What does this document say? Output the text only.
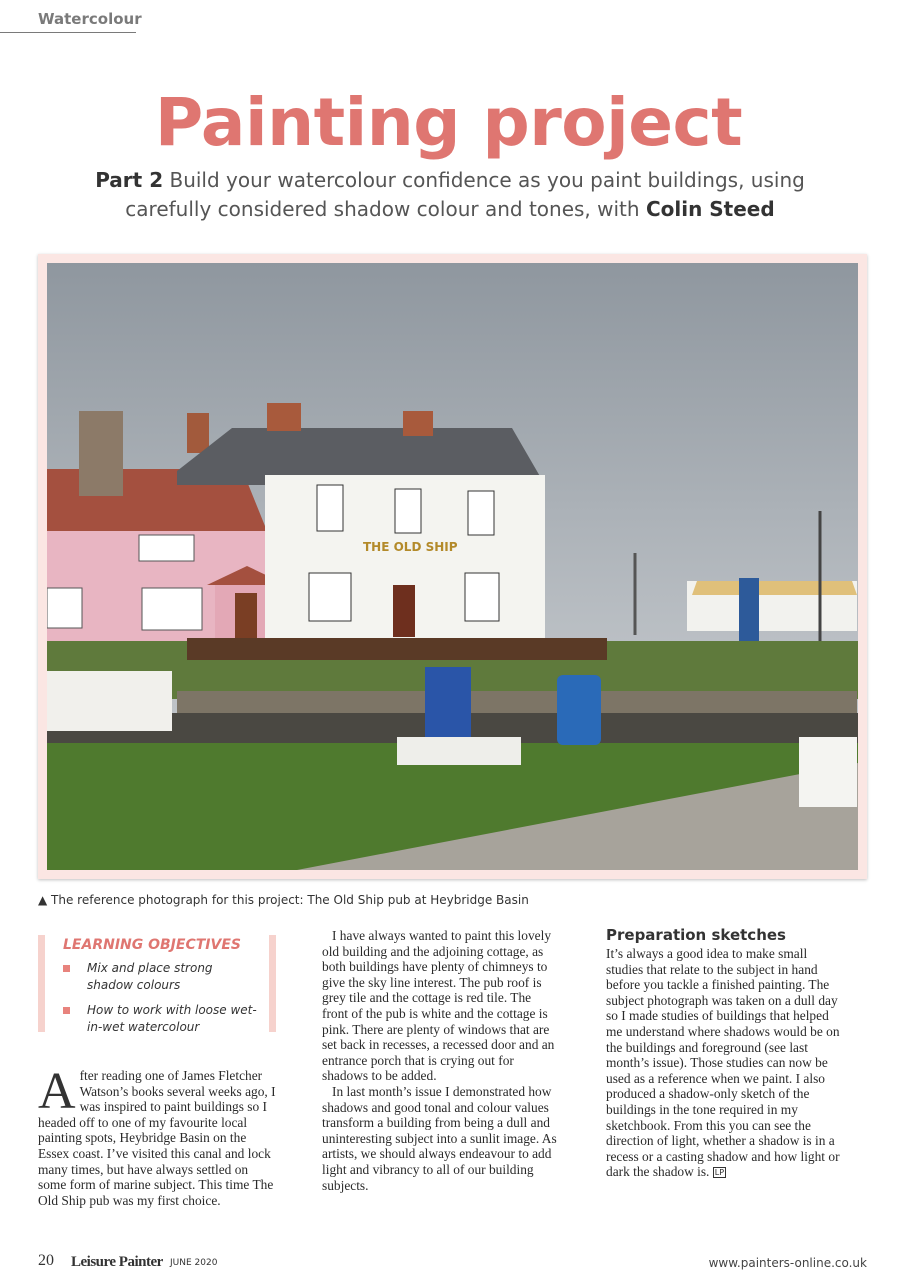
Watercolour
Painting project
Part 2 Build your watercolour confidence as you paint buildings, using carefully considered shadow colour and tones, with Colin Steed
THE OLD SHIP
▲ The reference photograph for this project: The Old Ship pub at Heybridge Basin
LEARNING OBJECTIVES
Mix and place strong shadow colours
How to work with loose wet-in-wet watercolour

After reading one of James Fletcher Watson’s books several weeks ago, I was inspired to paint buildings so I headed off to one of my favourite local painting spots, Heybridge Basin on the Essex coast. I’ve visited this canal and lock many times, but have always settled on some form of marine subject. This time The Old Ship pub was my first choice.

I have always wanted to paint this lovely old building and the adjoining cottage, as both buildings have plenty of chimneys to give the sky line interest. The pub roof is grey tile and the cottage is red tile. The front of the pub is white and the cottage is pink. There are plenty of windows that are set back in recesses, a recessed door and an entrance porch that is crying out for shadows to be added.

In last month’s issue I demonstrated how shadows and good tonal and colour values transform a building from being a dull and uninteresting subject into a sunlit image. As artists, we should always endeavour to add light and vibrancy to all of our building subjects.

Preparation sketches

It’s always a good idea to make small studies that relate to the subject in hand before you tackle a finished painting. The subject photograph was taken on a dull day so I made studies of buildings that helped me understand where shadows would be on the buildings and foreground (see last month’s issue). Those studies can now be used as a reference when we paint. I also produced a shadow-only sketch of the buildings in the tone required in my sketchbook. From this you can see the direction of light, whether a shadow is in a recess or a casting shadow and how light or dark the shadow is. LP

20 Leisure Painter JUNE 2020	www.painters-online.co.uk
